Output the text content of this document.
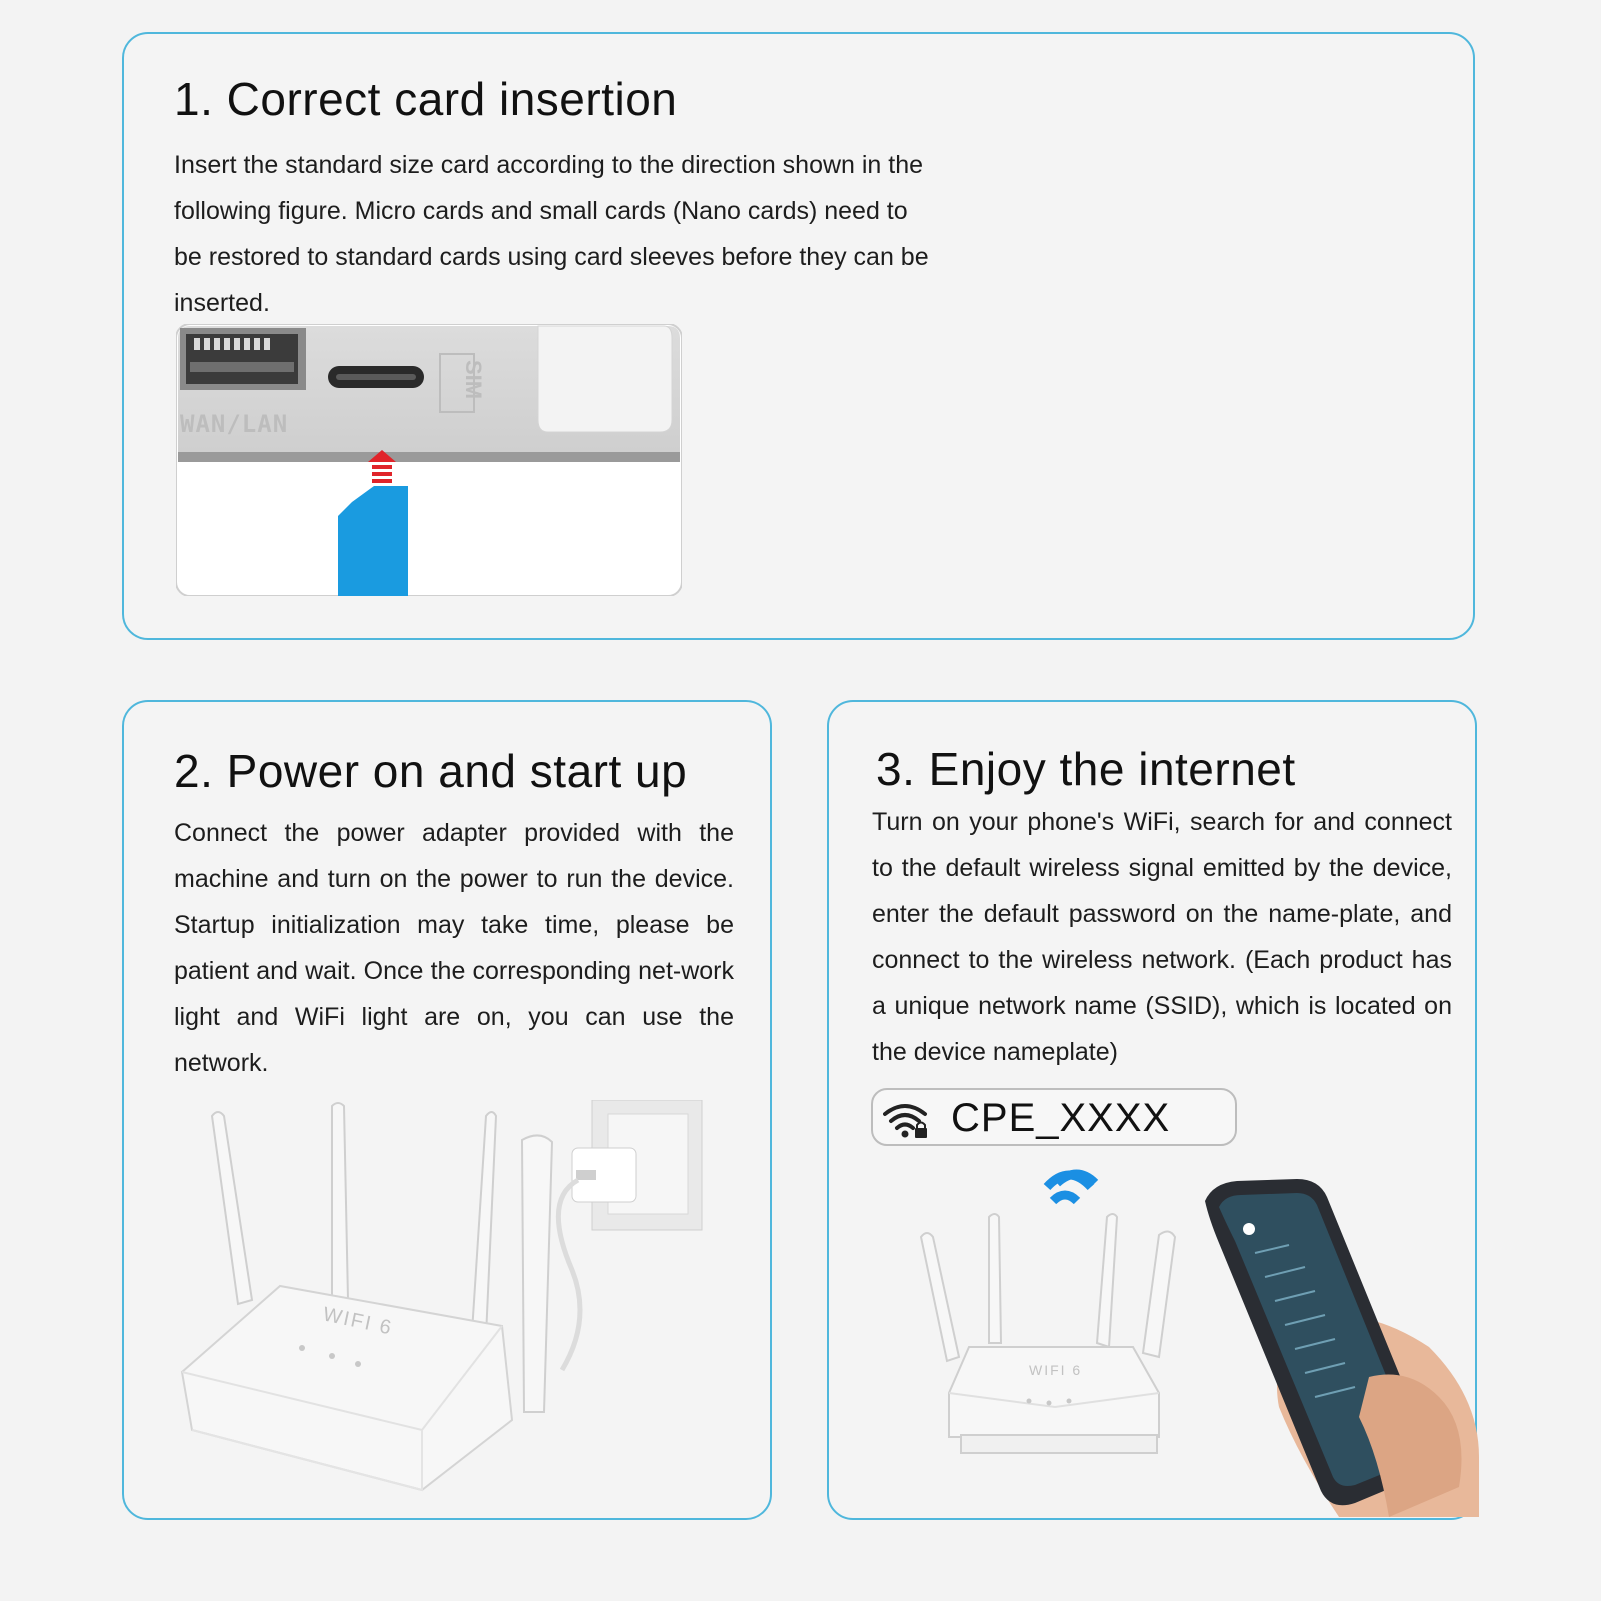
1. Correct card insertion

Insert the standard size card according to the direction shown in the following figure. Micro cards and small cards (Nano cards) need to be restored to standard cards using card sleeves before they can be inserted.

WAN/LAN
SIM
2. Power on and start up

Connect the power adapter provided with the machine and turn on the power to run the device. Startup initialization may take time, please be patient and wait. Once the corresponding net-work light and WiFi light are on, you can use the network.

WIFI 6
3. Enjoy the internet

Turn on your phone's WiFi, search for and connect to the default wireless signal emitted by the device, enter the default password on the name-plate, and connect to the wireless network. (Each product has a unique network name (SSID), which is located on the device nameplate)

CPE_XXXX
WIFI 6
